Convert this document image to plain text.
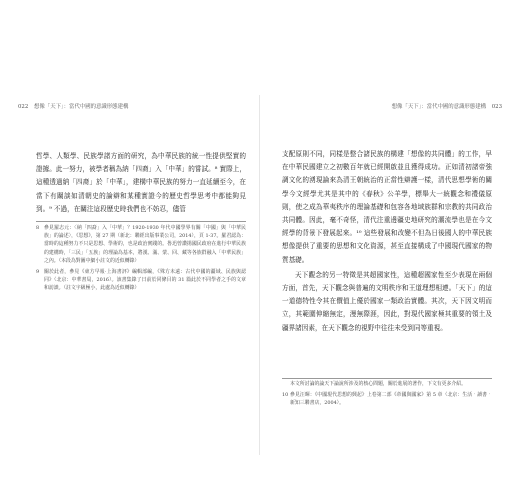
022 想像「天下」：當代中國的意識形態建構

哲學、人類學、民族學諸方面的研究，為中華民族的統一性提供堅實的證據。此一努力，被學者稱為納「四裔」入「中華」的嘗試。⁸ 實際上，這種透過納「四裔」於「中華」，建構中華民族的努力一直延續至今，在當下有關談如清朝史的論辯和某種實證今的歷史哲學思考中都能夠見到。⁹ 不過，在關注這段歷史時我們也不妨忍，儘管

8 參見羅志元：〈納「四裔」入「中華」？1920-1930 年代中國學界有關「中國」與「中華民族」的論述〉，《思想》，第 27 期（新北：聯經出版事業公司，2014），頁 1-37。羅君認為：當時的這種努力不只是思想、學術的，也是政治實踐的。魯迅曾讚揚國民政府在進行中華民族的建構時，「三民」「五族」的理論為基本，將漢、滿、蒙、回、藏等各族群融入「中華民族」之內。（本段為對圖中細小註文的近似轉錄）
9 關於此者，參見《東方早報·上海書評》編輯部編，《殊方未遠：古代中國的疆域、民族與認同》（北京：中華書局，2016）。該書集錄了日前於同條目的 31 篇此於不同學者之手的文章和訪談。（註文字級極小，此處為近似轉錄）
想像「天下」：當代中國的意識形態建構 023

支配原則不同，同樣是整合諸民族的構建「想像的共同體」的工作，早在中華民國建立之初數百年就已經開啟並且獲得成功。正如清初諸帝強調文化的湧現論來為清王朝統治的正當性辯護一樣，清代思想學術的關學今文經學尤其是其中的《春秋》公羊學，標舉大一統觀念和禮儀原則，使之成為華夷秩序的理論基礎和包容各地域族群和宗教的共同政治共同體。因此，毫不奇怪，清代注重邊疆史地研究的潮流學也是在今文經學的背景下發展起來。¹⁰ 這些發展和改變不但為日後國人的中華民族想像提供了重要的思想和文化資源，甚至直接構成了中國現代國家的物質基礎。

天下觀念的另一特徵是其超國家性，這種超國家性至少表現在兩個方面，首先，天下觀念與普遍的文明秩序和王道理想相連。「天下」的這一道德特性令其在價值上優於國家一類政治實體。其次，天下因文明而立，其範圍伸縮無定，漫無際涯，因此，對現代國家極其重要的領土及疆界諸因素，在天下觀念的視野中往往未受到同等重視。

本文所討論的論天下論說所涉及的核心問題，關於進展的著作，下文有更多介紹。
10 參見汪暉：《中國現代思想的興起》上卷第二部《帝國與國家》第 5 章（北京：生活‧讀書‧新知三聯書店，2004）。
